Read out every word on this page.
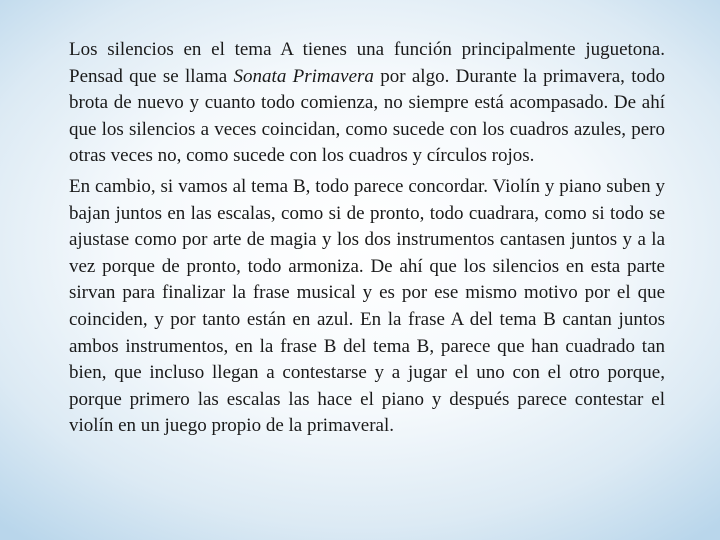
Los silencios en el tema A tienes una función principalmente juguetona. Pensad que se llama Sonata Primavera por algo. Durante la primavera, todo brota de nuevo y cuanto todo comienza, no siempre está acompasado. De ahí que los silencios a veces coincidan, como sucede con los cuadros azules, pero otras veces no, como sucede con los cuadros y círculos rojos.

En cambio, si vamos al tema B, todo parece concordar. Violín y piano suben y bajan juntos en las escalas, como si de pronto, todo cuadrara, como si todo se ajustase como por arte de magia y los dos instrumentos cantasen juntos y a la vez porque de pronto, todo armoniza. De ahí que los silencios en esta parte sirvan para finalizar la frase musical y es por ese mismo motivo por el que coinciden, y por tanto están en azul. En la frase A del tema B cantan juntos ambos instrumentos, en la frase B del tema B, parece que han cuadrado tan bien, que incluso llegan a contestarse y a jugar el uno con el otro porque, porque primero las escalas las hace el piano y después parece contestar el violín en un juego propio de la primaveral.
